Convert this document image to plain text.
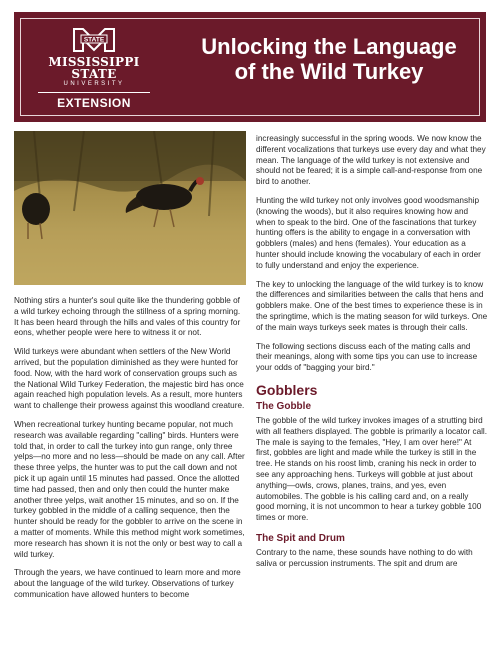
STATE
MISSISSIPPI STATE
UNIVERSITY
EXTENSION
Unlocking the Language
of the Wild Turkey

Nothing stirs a hunter's soul quite like the thundering gobble of a wild turkey echoing through the stillness of a spring morning. It has been heard through the hills and vales of this country for eons, whether people were here to witness it or not.

Wild turkeys were abundant when settlers of the New World arrived, but the population diminished as they were hunted for food. Now, with the hard work of conservation groups such as the National Wild Turkey Federation, the majestic bird has once again reached high population levels. As a result, more hunters want to challenge their prowess against this woodland creature.

When recreational turkey hunting became popular, not much research was available regarding "calling" birds. Hunters were told that, in order to call the turkey into gun range, only three yelps—no more and no less—should be made on any call. After these three yelps, the hunter was to put the call down and not pick it up again until 15 minutes had passed. Once the allotted time had passed, then and only then could the hunter make another three yelps, wait another 15 minutes, and so on. If the turkey gobbled in the middle of a calling sequence, then the hunter should be ready for the gobbler to arrive on the scene in a matter of moments. While this method might work sometimes, more research has shown it is not the only or best way to call a wild turkey.

Through the years, we have continued to learn more and more about the language of the wild turkey. Observations of turkey communication have allowed hunters to become

increasingly successful in the spring woods. We now know the different vocalizations that turkeys use every day and what they mean. The language of the wild turkey is not extensive and should not be feared; it is a simple call-and-response from one bird to another.

Hunting the wild turkey not only involves good woodsmanship (knowing the woods), but it also requires knowing how and when to speak to the bird. One of the fascinations that turkey hunting offers is the ability to engage in a conversation with gobblers (males) and hens (females). Your education as a hunter should include knowing the vocabulary of each in order to fully understand and enjoy the experience.

The key to unlocking the language of the wild turkey is to know the differences and similarities between the calls that hens and gobblers make. One of the best times to experience these is in the springtime, which is the mating season for wild turkeys. One of the main ways turkeys seek mates is through their calls.

The following sections discuss each of the mating calls and their meanings, along with some tips you can use to increase your odds of "bagging your bird."

Gobblers
The Gobble

The gobble of the wild turkey invokes images of a strutting bird with all feathers displayed. The gobble is primarily a locator call. The male is saying to the females, "Hey, I am over here!" At first, gobbles are light and made while the turkey is still in the tree. He stands on his roost limb, craning his neck in order to see any approaching hens. Turkeys will gobble at just about anything—owls, crows, planes, trains, and yes, even automobiles. The gobble is his calling card and, on a really good morning, it is not uncommon to hear a turkey gobble 100 times or more.

The Spit and Drum

Contrary to the name, these sounds have nothing to do with saliva or percussion instruments. The spit and drum are
